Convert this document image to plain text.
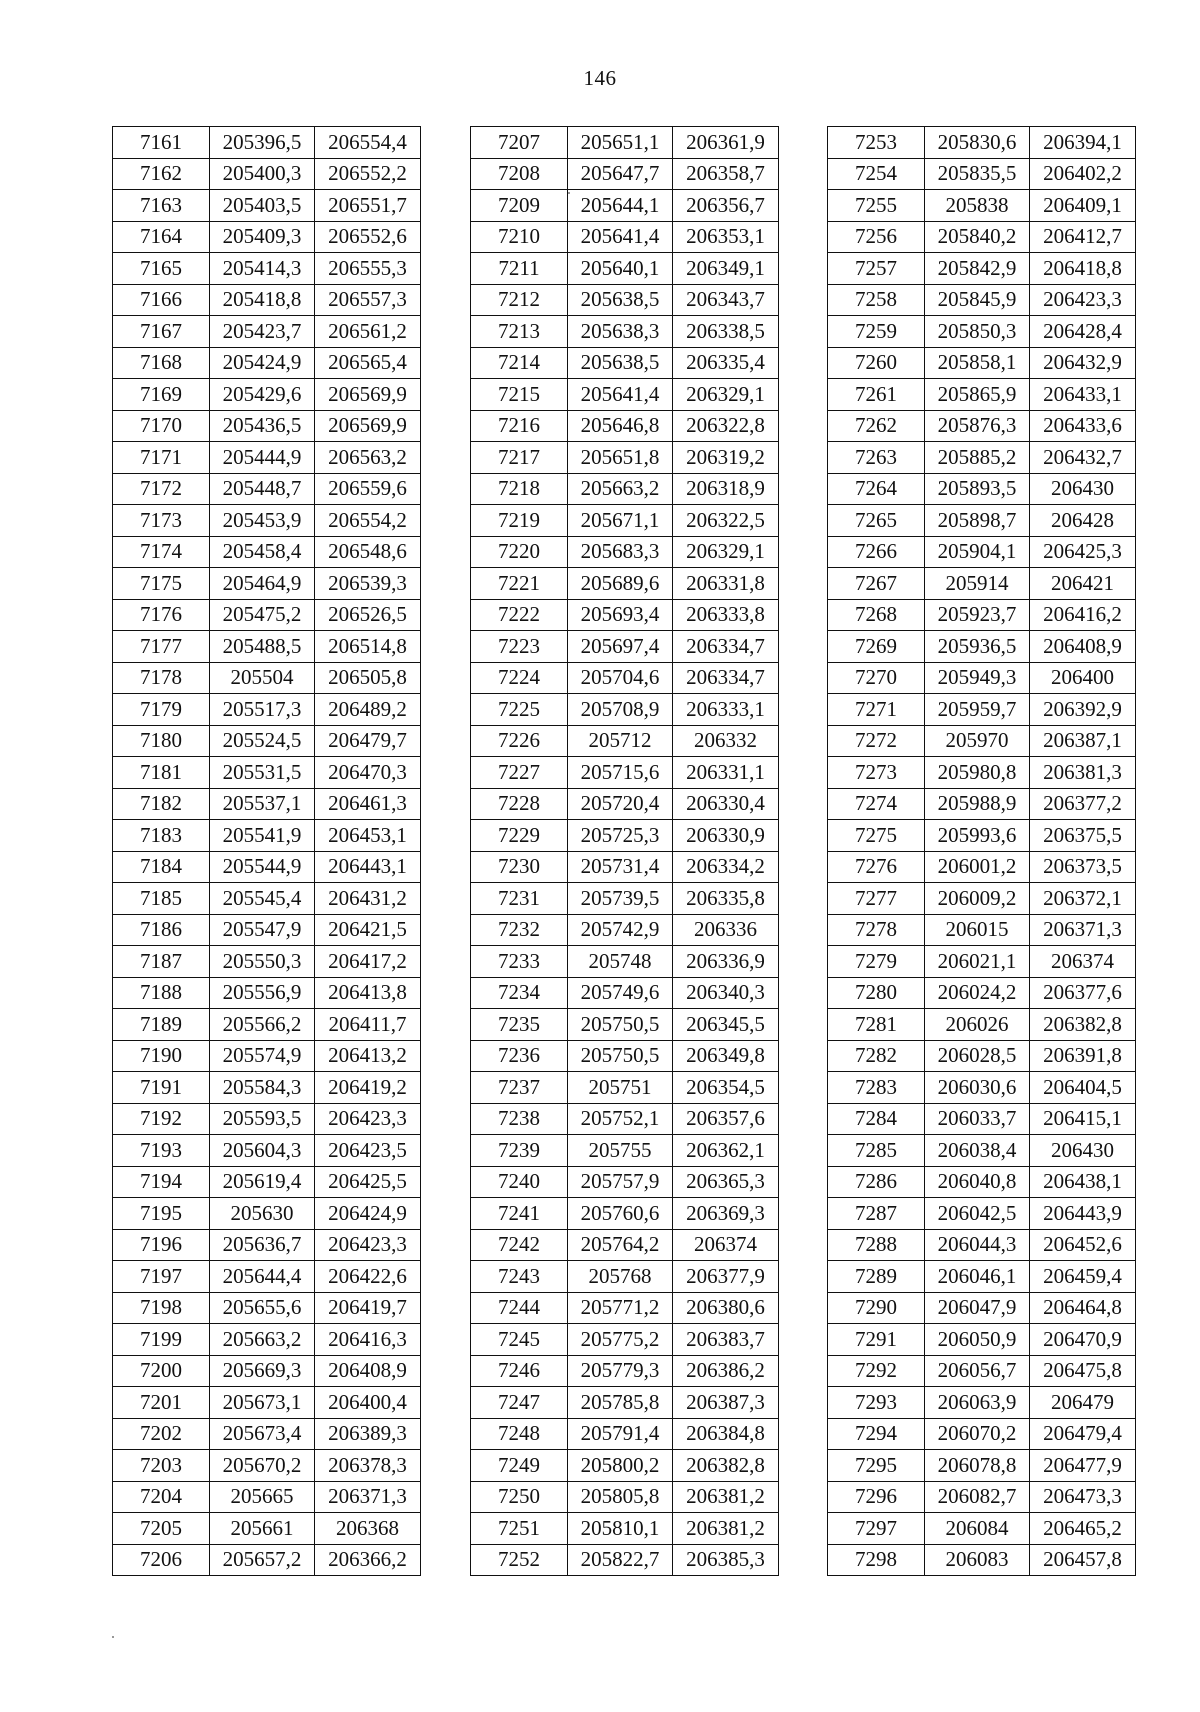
146
7161	205396,5	206554,4
7162	205400,3	206552,2
7163	205403,5	206551,7
7164	205409,3	206552,6
7165	205414,3	206555,3
7166	205418,8	206557,3
7167	205423,7	206561,2
7168	205424,9	206565,4
7169	205429,6	206569,9
7170	205436,5	206569,9
7171	205444,9	206563,2
7172	205448,7	206559,6
7173	205453,9	206554,2
7174	205458,4	206548,6
7175	205464,9	206539,3
7176	205475,2	206526,5
7177	205488,5	206514,8
7178	205504	206505,8
7179	205517,3	206489,2
7180	205524,5	206479,7
7181	205531,5	206470,3
7182	205537,1	206461,3
7183	205541,9	206453,1
7184	205544,9	206443,1
7185	205545,4	206431,2
7186	205547,9	206421,5
7187	205550,3	206417,2
7188	205556,9	206413,8
7189	205566,2	206411,7
7190	205574,9	206413,2
7191	205584,3	206419,2
7192	205593,5	206423,3
7193	205604,3	206423,5
7194	205619,4	206425,5
7195	205630	206424,9
7196	205636,7	206423,3
7197	205644,4	206422,6
7198	205655,6	206419,7
7199	205663,2	206416,3
7200	205669,3	206408,9
7201	205673,1	206400,4
7202	205673,4	206389,3
7203	205670,2	206378,3
7204	205665	206371,3
7205	205661	206368
7206	205657,2	206366,2
7207	205651,1	206361,9
7208	205647,7	206358,7
7209	205644,1	206356,7
7210	205641,4	206353,1
7211	205640,1	206349,1
7212	205638,5	206343,7
7213	205638,3	206338,5
7214	205638,5	206335,4
7215	205641,4	206329,1
7216	205646,8	206322,8
7217	205651,8	206319,2
7218	205663,2	206318,9
7219	205671,1	206322,5
7220	205683,3	206329,1
7221	205689,6	206331,8
7222	205693,4	206333,8
7223	205697,4	206334,7
7224	205704,6	206334,7
7225	205708,9	206333,1
7226	205712	206332
7227	205715,6	206331,1
7228	205720,4	206330,4
7229	205725,3	206330,9
7230	205731,4	206334,2
7231	205739,5	206335,8
7232	205742,9	206336
7233	205748	206336,9
7234	205749,6	206340,3
7235	205750,5	206345,5
7236	205750,5	206349,8
7237	205751	206354,5
7238	205752,1	206357,6
7239	205755	206362,1
7240	205757,9	206365,3
7241	205760,6	206369,3
7242	205764,2	206374
7243	205768	206377,9
7244	205771,2	206380,6
7245	205775,2	206383,7
7246	205779,3	206386,2
7247	205785,8	206387,3
7248	205791,4	206384,8
7249	205800,2	206382,8
7250	205805,8	206381,2
7251	205810,1	206381,2
7252	205822,7	206385,3
7253	205830,6	206394,1
7254	205835,5	206402,2
7255	205838	206409,1
7256	205840,2	206412,7
7257	205842,9	206418,8
7258	205845,9	206423,3
7259	205850,3	206428,4
7260	205858,1	206432,9
7261	205865,9	206433,1
7262	205876,3	206433,6
7263	205885,2	206432,7
7264	205893,5	206430
7265	205898,7	206428
7266	205904,1	206425,3
7267	205914	206421
7268	205923,7	206416,2
7269	205936,5	206408,9
7270	205949,3	206400
7271	205959,7	206392,9
7272	205970	206387,1
7273	205980,8	206381,3
7274	205988,9	206377,2
7275	205993,6	206375,5
7276	206001,2	206373,5
7277	206009,2	206372,1
7278	206015	206371,3
7279	206021,1	206374
7280	206024,2	206377,6
7281	206026	206382,8
7282	206028,5	206391,8
7283	206030,6	206404,5
7284	206033,7	206415,1
7285	206038,4	206430
7286	206040,8	206438,1
7287	206042,5	206443,9
7288	206044,3	206452,6
7289	206046,1	206459,4
7290	206047,9	206464,8
7291	206050,9	206470,9
7292	206056,7	206475,8
7293	206063,9	206479
7294	206070,2	206479,4
7295	206078,8	206477,9
7296	206082,7	206473,3
7297	206084	206465,2
7298	206083	206457,8
